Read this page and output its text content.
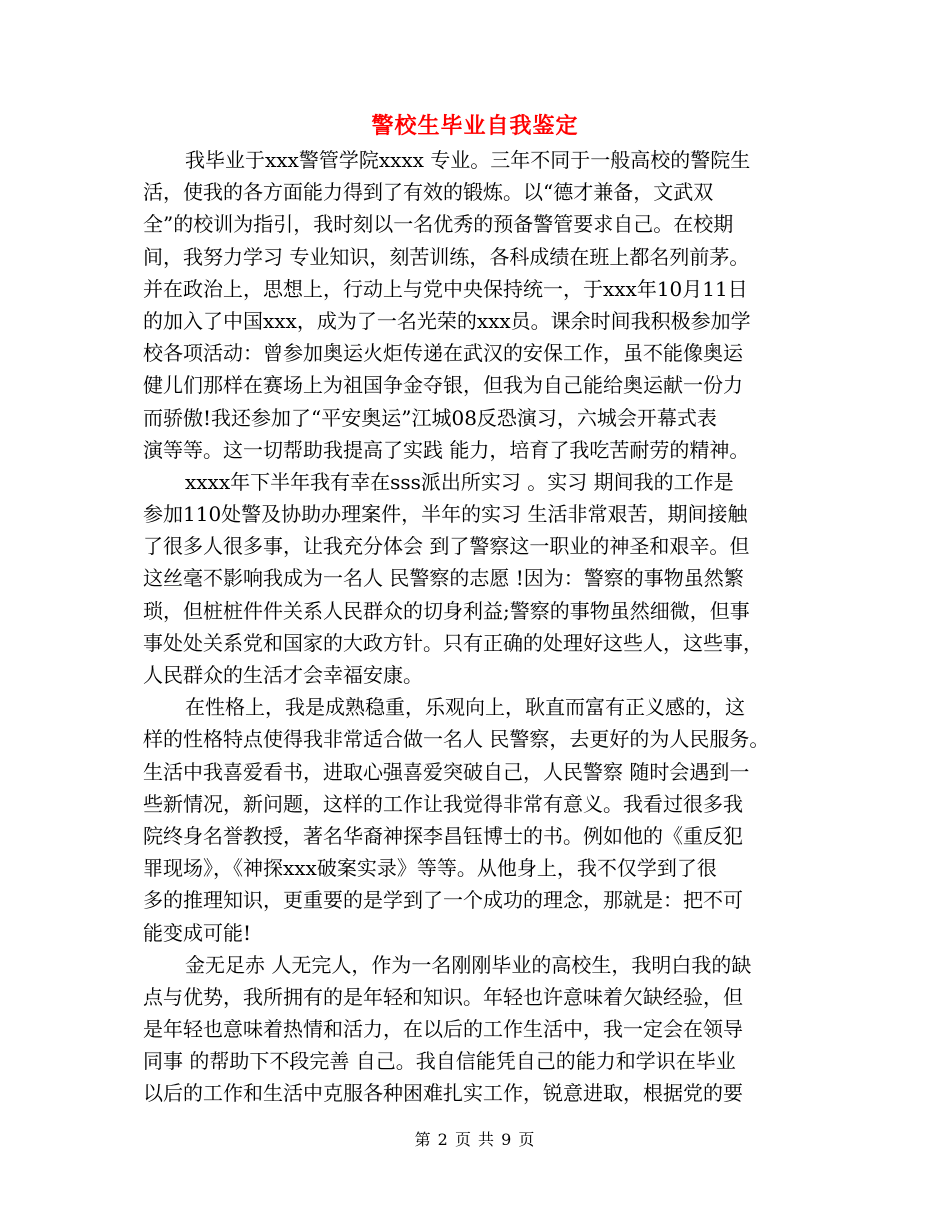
警校生毕业自我鉴定
我毕业于xxx警管学院xxxx 专业。三年不同于一般高校的警院生
活，使我的各方面能力得到了有效的锻炼。以“德才兼备，文武双
全”的校训为指引，我时刻以一名优秀的预备警管要求自己。在校期
间，我努力学习 专业知识，刻苦训练，各科成绩在班上都名列前茅。
并在政治上，思想上，行动上与党中央保持统一，于xxx年10月11日
的加入了中国xxx，成为了一名光荣的xxx员。课余时间我积极参加学
校各项活动：曾参加奥运火炬传递在武汉的安保工作，虽不能像奥运
健儿们那样在赛场上为祖国争金夺银，但我为自己能给奥运献一份力
而骄傲!我还参加了“平安奥运”江城08反恐演习，六城会开幕式表
演等等。这一切帮助我提高了实践 能力，培育了我吃苦耐劳的精神。
xxxx年下半年我有幸在sss派出所实习 。实习 期间我的工作是
参加110处警及协助办理案件，半年的实习 生活非常艰苦，期间接触
了很多人很多事，让我充分体会 到了警察这一职业的神圣和艰辛。但
这丝毫不影响我成为一名人 民警察的志愿 !因为：警察的事物虽然繁
琐，但桩桩件件关系人民群众的切身利益;警察的事物虽然细微，但事
事处处关系党和国家的大政方针。只有正确的处理好这些人，这些事，
人民群众的生活才会幸福安康。
在性格上，我是成熟稳重，乐观向上，耿直而富有正义感的，这
样的性格特点使得我非常适合做一名人 民警察，去更好的为人民服务。
生活中我喜爱看书，进取心强喜爱突破自己，人民警察 随时会遇到一
些新情况，新问题，这样的工作让我觉得非常有意义。我看过很多我
院终身名誉教授，著名华裔神探李昌钰博士的书。例如他的《重反犯
罪现场》，《神探xxx破案实录》等等。从他身上，我不仅学到了很
多的推理知识，更重要的是学到了一个成功的理念，那就是：把不可
能变成可能!
金无足赤 人无完人，作为一名刚刚毕业的高校生，我明白我的缺
点与优势，我所拥有的是年轻和知识。年轻也许意味着欠缺经验，但
是年轻也意味着热情和活力，在以后的工作生活中，我一定会在领导
同事 的帮助下不段完善 自己。我自信能凭自己的能力和学识在毕业
以后的工作和生活中克服各种困难扎实工作，锐意进取，根据党的要
第 2 页 共 9 页
